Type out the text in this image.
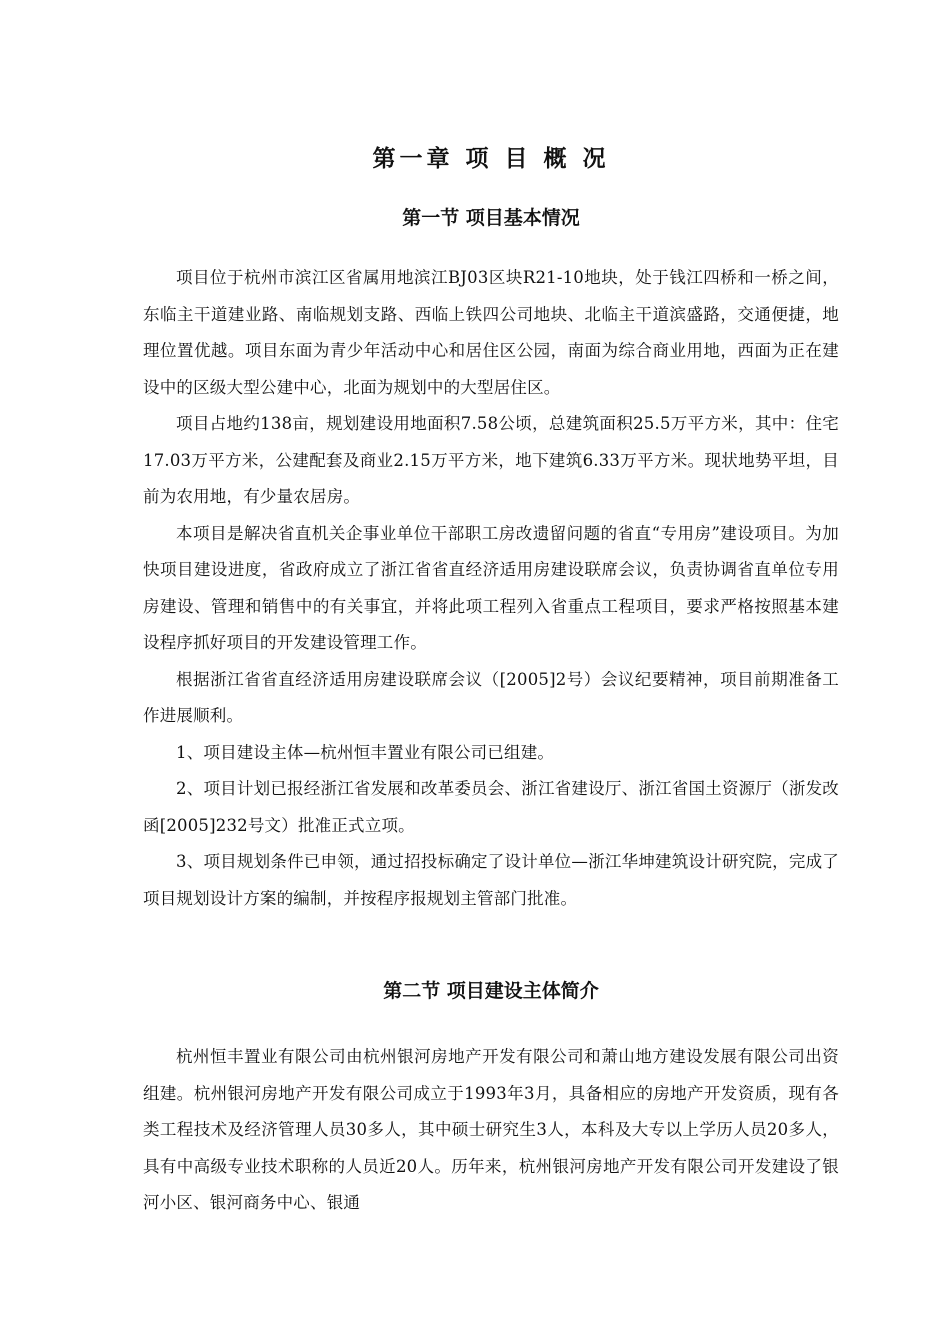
第一章 项 目 概 况
第一节 项目基本情况

项目位于杭州市滨江区省属用地滨江BJ03区块R21-10地块，处于钱江四桥和一桥之间，东临主干道建业路、南临规划支路、西临上铁四公司地块、北临主干道滨盛路，交通便捷，地理位置优越。项目东面为青少年活动中心和居住区公园，南面为综合商业用地，西面为正在建设中的区级大型公建中心，北面为规划中的大型居住区。

项目占地约138亩，规划建设用地面积7.58公顷，总建筑面积25.5万平方米，其中：住宅17.03万平方米，公建配套及商业2.15万平方米，地下建筑6.33万平方米。现状地势平坦，目前为农用地，有少量农居房。

本项目是解决省直机关企事业单位干部职工房改遗留问题的省直“专用房”建设项目。为加快项目建设进度，省政府成立了浙江省省直经济适用房建设联席会议，负责协调省直单位专用房建设、管理和销售中的有关事宜，并将此项工程列入省重点工程项目，要求严格按照基本建设程序抓好项目的开发建设管理工作。

根据浙江省省直经济适用房建设联席会议（[2005]2号）会议纪要精神，项目前期准备工作进展顺利。

1、项目建设主体—杭州恒丰置业有限公司已组建。

2、项目计划已报经浙江省发展和改革委员会、浙江省建设厅、浙江省国土资源厅（浙发改函[2005]232号文）批准正式立项。

3、项目规划条件已申领，通过招投标确定了设计单位—浙江华坤建筑设计研究院，完成了项目规划设计方案的编制，并按程序报规划主管部门批准。

第二节 项目建设主体简介

杭州恒丰置业有限公司由杭州银河房地产开发有限公司和萧山地方建设发展有限公司出资组建。杭州银河房地产开发有限公司成立于1993年3月，具备相应的房地产开发资质，现有各类工程技术及经济管理人员30多人，其中硕士研究生3人，本科及大专以上学历人员20多人，具有中高级专业技术职称的人员近20人。历年来，杭州银河房地产开发有限公司开发建设了银河小区、银河商务中心、银通
